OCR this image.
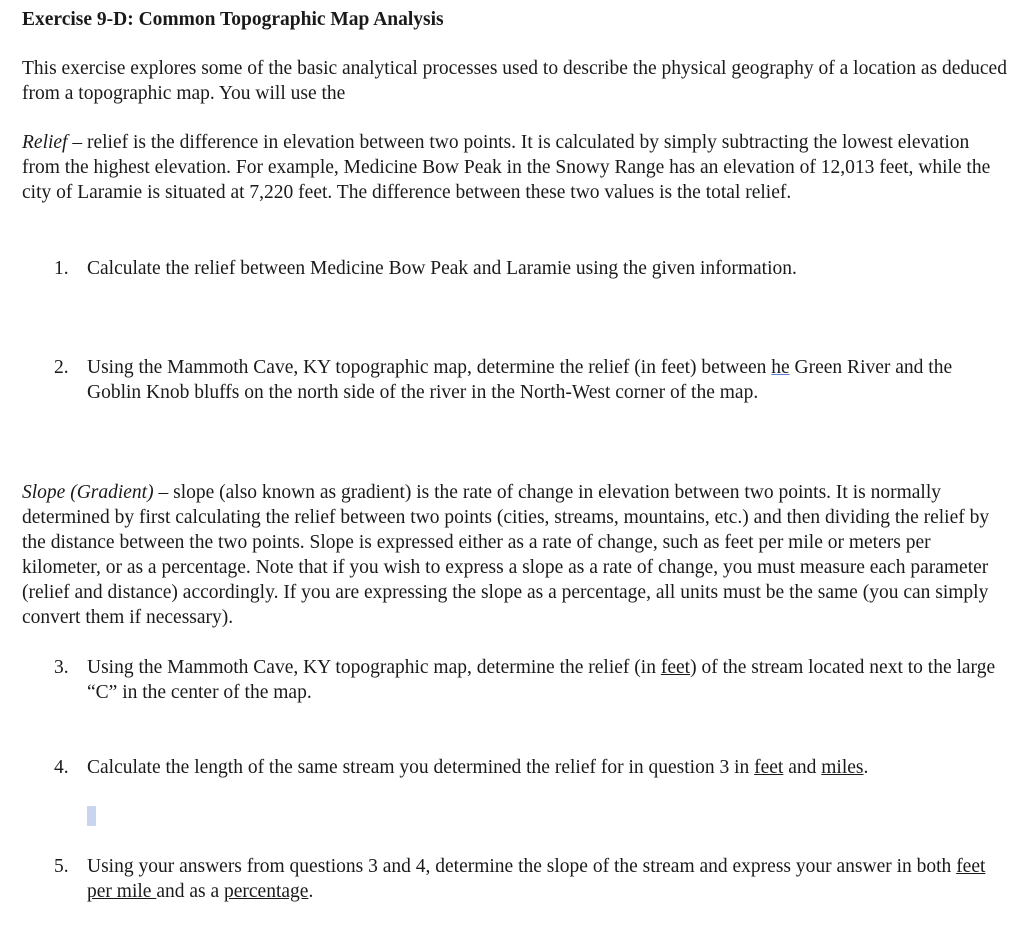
Exercise 9-D: Common Topographic Map Analysis

This exercise explores some of the basic analytical processes used to describe the physical geography of a location as deduced from a topographic map. You will use the

Relief – relief is the difference in elevation between two points. It is calculated by simply subtracting the lowest elevation from the highest elevation. For example, Medicine Bow Peak in the Snowy Range has an elevation of 12,013 feet, while the city of Laramie is situated at 7,220 feet. The difference between these two values is the total relief.

1. Calculate the relief between Medicine Bow Peak and Laramie using the given information.
2. Using the Mammoth Cave, KY topographic map, determine the relief (in feet) between he Green River and the Goblin Knob bluffs on the north side of the river in the North-West corner of the map.

Slope (Gradient) – slope (also known as gradient) is the rate of change in elevation between two points. It is normally determined by first calculating the relief between two points (cities, streams, mountains, etc.) and then dividing the relief by the distance between the two points. Slope is expressed either as a rate of change, such as feet per mile or meters per kilometer, or as a percentage. Note that if you wish to express a slope as a rate of change, you must measure each parameter (relief and distance) accordingly. If you are expressing the slope as a percentage, all units must be the same (you can simply convert them if necessary).

3. Using the Mammoth Cave, KY topographic map, determine the relief (in feet) of the stream located next to the large “C” in the center of the map.
4. Calculate the length of the same stream you determined the relief for in question 3 in feet and miles.
5. Using your answers from questions 3 and 4, determine the slope of the stream and express your answer in both feet per mile and as a percentage.
